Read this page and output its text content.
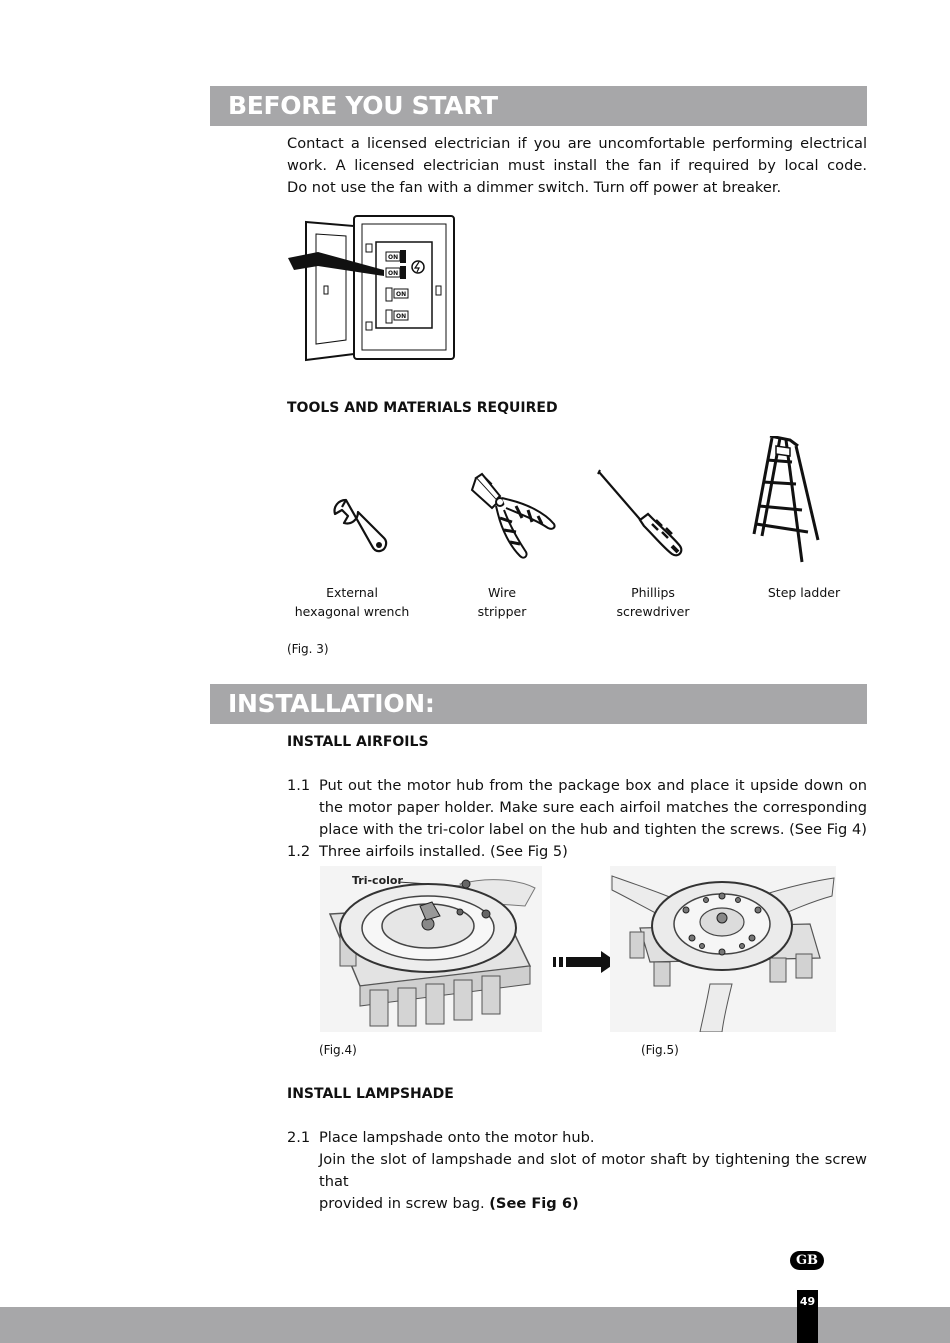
BEFORE YOU START
Contact a licensed electrician if you are uncomfortable performing electrical
work. A licensed electrician must install the fan if required by local code.
Do not use the fan with a dimmer switch. Turn off power at breaker.
ON
ON
ON
ON
TOOLS AND MATERIALS REQUIRED
External
hexagonal wrench
Wire
stripper
Phillips
screwdriver
Step ladder
(Fig. 3)
INSTALLATION:
INSTALL AIRFOILS
1.1 Put out the motor hub from the package box and place it upside down on
the motor paper holder. Make sure each airfoil matches the corresponding
place with the tri-color label on the hub and tighten the screws. (See Fig 4)
1.2 Three airfoils installed. (See Fig 5)
Tri-color
(Fig.4)	(Fig.5)
INSTALL LAMPSHADE
2.1 Place lampshade onto the motor hub.
Join the slot of lampshade and slot of motor shaft by tightening the screw that
provided in screw bag. (See Fig 6)
GB
49
